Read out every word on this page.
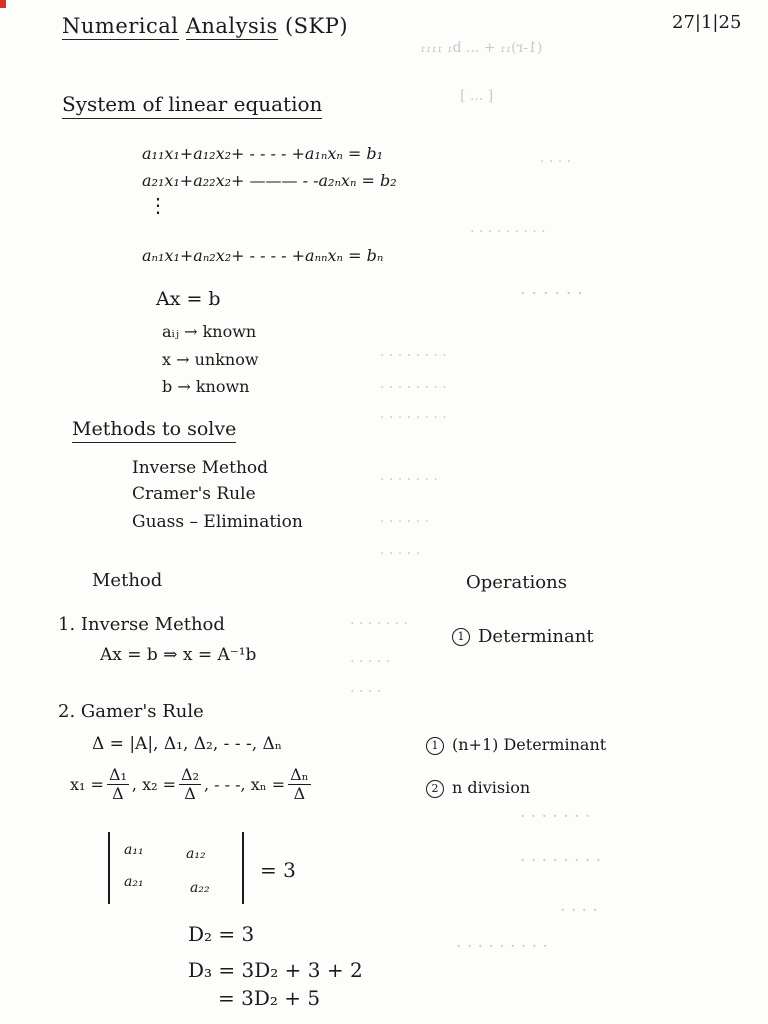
(1-r)₁₁ + ... b₁ ₁₁₁₁
[ ... ]
. . . .
. . . . . . . . .
. . . . . .
. . . . . . . .
. . . . . . . .
. . . . . . . .
. . . . . . .
. . . . . .
. . . . .
. . . . . . .
. . . . .
. . . .
. . . . . . .
. . . . . . . .
. . . .
. . . . . . . . .
Numerical Analysis (SKP)	27|1|25
System of linear equation
a₁₁x₁+a₁₂x₂+ - - - - +a₁ₙxₙ = b₁
a₂₁x₁+a₂₂x₂+ ——— - -a₂ₙxₙ = b₂
⋮
aₙ₁x₁+aₙ₂x₂+ - - - - +aₙₙxₙ = bₙ
Ax = b
aᵢⱼ → known
x → unknow
b → known
Methods to solve
Inverse Method
Cramer's Rule
Guass – Elimination
Method	Operations
1. Inverse Method
Ax = b ⇒ x = A⁻¹b
1 Determinant
2. Gamer's Rule
Δ = |A|, Δ₁, Δ₂, - - -, Δₙ	1 (n+1) Determinant
2 n division
$x_1 = \frac{\text{Δ₁}}{\Delta}$ , $x_2 = \frac{\text{Δ₂}}{\Delta}$ , - - -, $x_n = \frac{\text{Δₙ}}{\Delta}$
a₁₁	a₁₂
a₂₁	a₂₂
= 3
D₂ = 3
D₃ = 3D₂ + 3 + 2
= 3D₂ + 5
